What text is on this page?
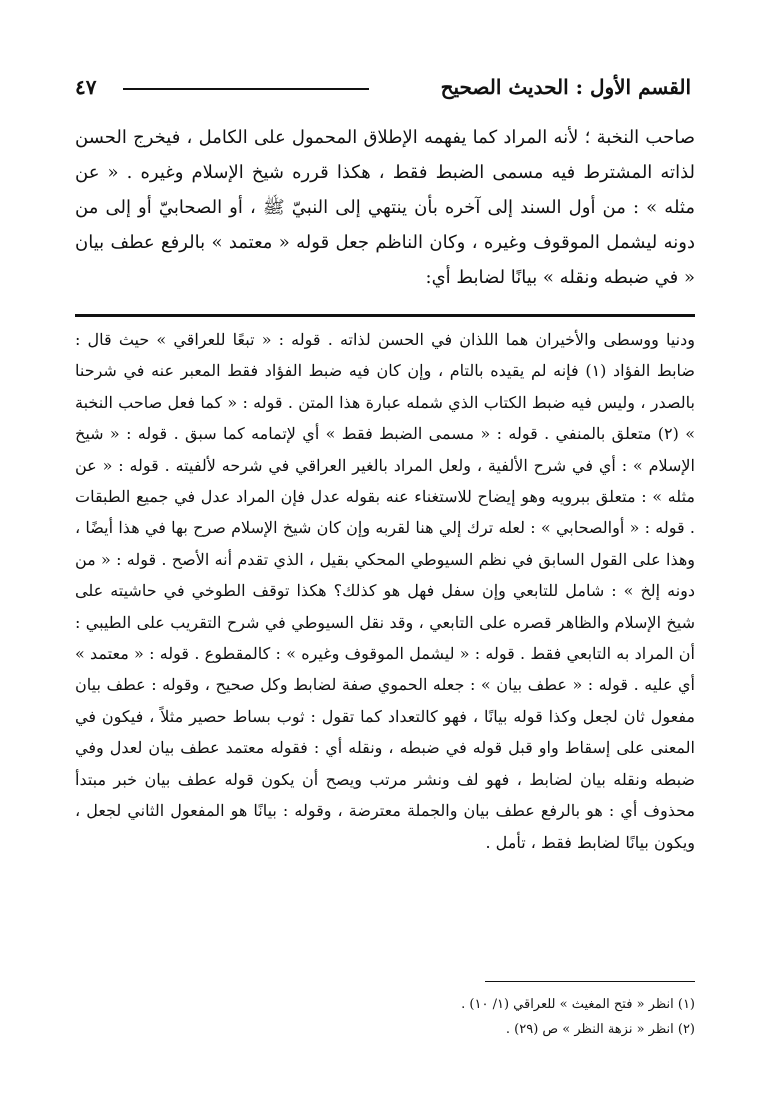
القسم الأول : الحديث الصحيح
٤٧

صاحب النخبة ؛ لأنه المراد كما يفهمه الإطلاق المحمول على الكامل ، فيخرج الحسن لذاته المشترط فيه مسمى الضبط فقط ، هكذا قرره شيخ الإسلام وغيره . « عن مثله » : من أول السند إلى آخره بأن ينتهي إلى النبيّ ﷺ ، أو الصحابيّ أو إلى من دونه ليشمل الموقوف وغيره ، وكان الناظم جعل قوله « معتمد » بالرفع عطف بيان « في ضبطه ونقله » بيانًا لضابط أي:

ودنيا ووسطى والأخيران هما اللذان في الحسن لذاته . قوله : « تبعًا للعراقي » حيث قال : ضابط الفؤاد (١) فإنه لم يقيده بالتام ، وإن كان فيه ضبط الفؤاد فقط المعبر عنه في شرحنا بالصدر ، وليس فيه ضبط الكتاب الذي شمله عبارة هذا المتن . قوله : « كما فعل صاحب النخبة » (٢) متعلق بالمنفي . قوله : « مسمى الضبط فقط » أي لإتمامه كما سبق . قوله : « شيخ الإسلام » : أي في شرح الألفية ، ولعل المراد بالغير العراقي في شرحه لألفيته . قوله : « عن مثله » : متعلق ببرويه وهو إيضاح للاستغناء عنه بقوله عدل فإن المراد عدل في جميع الطبقات . قوله : « أوالصحابي » : لعله ترك إلي هنا لقربه وإن كان شيخ الإسلام صرح بها في هذا أيضًا ، وهذا على القول السابق في نظم السيوطي المحكي بقيل ، الذي تقدم أنه الأصح . قوله : « من دونه إلخ » : شامل للتابعي وإن سفل فهل هو كذلك؟ هكذا توقف الطوخي في حاشيته على شيخ الإسلام والظاهر قصره على التابعي ، وقد نقل السيوطي في شرح التقريب على الطيبي : أن المراد به التابعي فقط . قوله : « ليشمل الموقوف وغيره » : كالمقطوع . قوله : « معتمد » أي عليه . قوله : « عطف بيان » : جعله الحموي صفة لضابط وكل صحيح ، وقوله : عطف بيان مفعول ثان لجعل وكذا قوله بيانًا ، فهو كالتعداد كما تقول : ثوب بساط حصير مثلاً ، فيكون في المعنى على إسقاط واو قبل قوله في ضبطه ، ونقله أي : فقوله معتمد عطف بيان لعدل وفي ضبطه ونقله بيان لضابط ، فهو لف ونشر مرتب ويصح أن يكون قوله عطف بيان خبر مبتدأ محذوف أي : هو بالرفع عطف بيان والجملة معترضة ، وقوله : بيانًا هو المفعول الثاني لجعل ، ويكون بيانًا لضابط فقط ، تأمل .

(١) انظر « فتح المغيث » للعراقي (١/ ١٠) .

(٢) انظر « نزهة النظر » ص (٢٩) .
